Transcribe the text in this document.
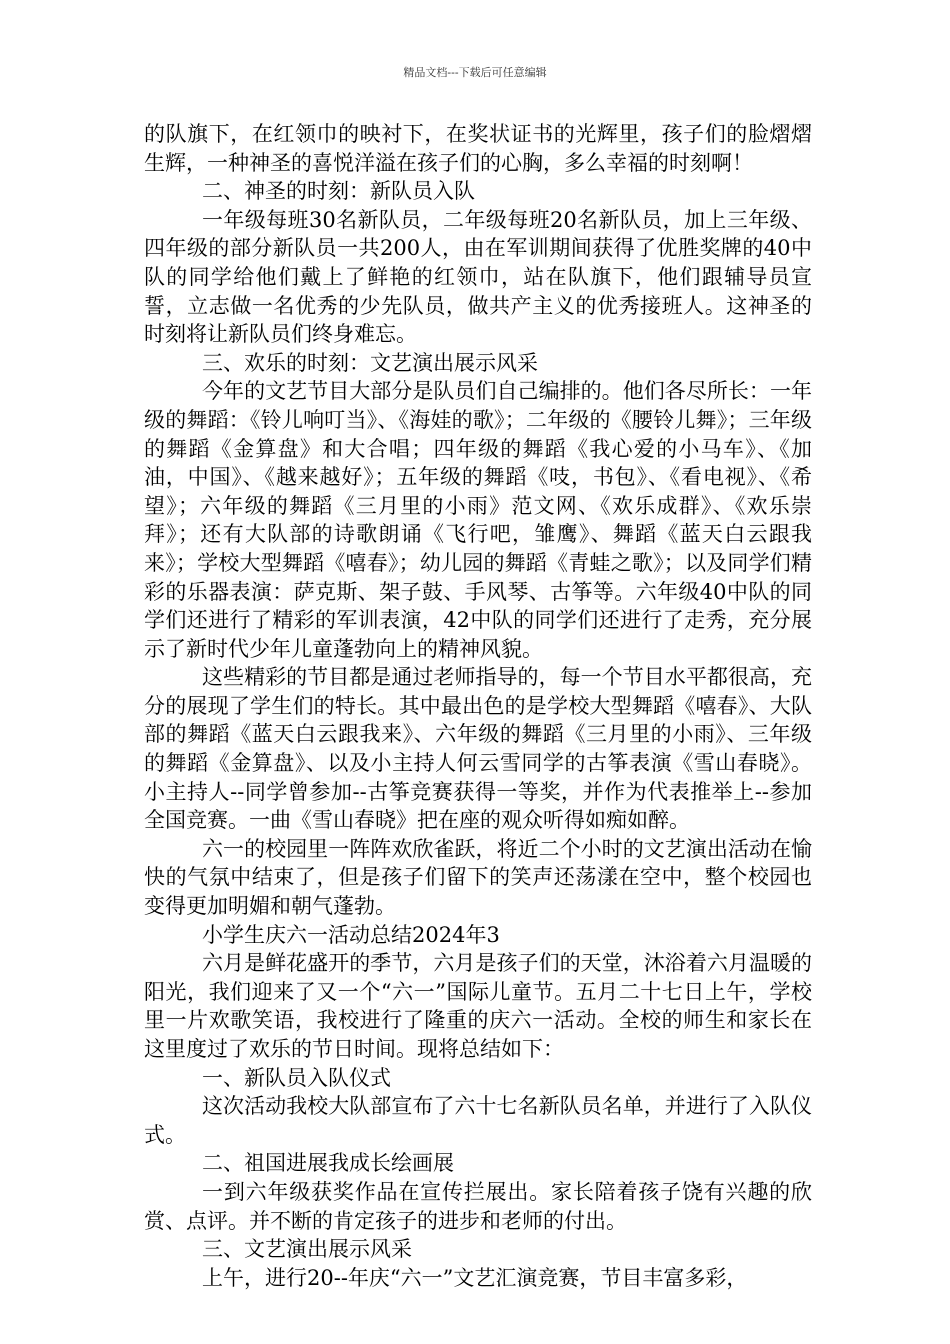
精品文档---下载后可任意编辑

的队旗下，在红领巾的映衬下，在奖状证书的光辉里，孩子们的脸熠熠生辉，一种神圣的喜悦洋溢在孩子们的心胸，多么幸福的时刻啊！

二、神圣的时刻：新队员入队

一年级每班30名新队员，二年级每班20名新队员，加上三年级、四年级的部分新队员一共200人，由在军训期间获得了优胜奖牌的40中队的同学给他们戴上了鲜艳的红领巾，站在队旗下，他们跟辅导员宣誓，立志做一名优秀的少先队员，做共产主义的优秀接班人。这神圣的时刻将让新队员们终身难忘。

三、欢乐的时刻：文艺演出展示风采

今年的文艺节目大部分是队员们自己编排的。他们各尽所长：一年级的舞蹈：《铃儿响叮当》、《海娃的歌》；二年级的《腰铃儿舞》；三年级的舞蹈《金算盘》和大合唱；四年级的舞蹈《我心爱的小马车》、《加油，中国》、《越来越好》；五年级的舞蹈《吱，书包》、《看电视》、《希望》；六年级的舞蹈《三月里的小雨》范文网、《欢乐成群》、《欢乐崇拜》；还有大队部的诗歌朗诵《飞行吧，雏鹰》、舞蹈《蓝天白云跟我来》；学校大型舞蹈《嘻春》；幼儿园的舞蹈《青蛙之歌》；以及同学们精彩的乐器表演：萨克斯、架子鼓、手风琴、古筝等。六年级40中队的同学们还进行了精彩的军训表演，42中队的同学们还进行了走秀，充分展示了新时代少年儿童蓬勃向上的精神风貌。

这些精彩的节目都是通过老师指导的，每一个节目水平都很高，充分的展现了学生们的特长。其中最出色的是学校大型舞蹈《嘻春》、大队部的舞蹈《蓝天白云跟我来》、六年级的舞蹈《三月里的小雨》、三年级的舞蹈《金算盘》、以及小主持人何云雪同学的古筝表演《雪山春晓》。小主持人--同学曾参加--古筝竞赛获得一等奖，并作为代表推举上--参加全国竞赛。一曲《雪山春晓》把在座的观众听得如痴如醉。

六一的校园里一阵阵欢欣雀跃，将近二个小时的文艺演出活动在愉快的气氛中结束了，但是孩子们留下的笑声还荡漾在空中，整个校园也变得更加明媚和朝气蓬勃。

小学生庆六一活动总结2024年3

六月是鲜花盛开的季节，六月是孩子们的天堂，沐浴着六月温暖的阳光，我们迎来了又一个“六一”国际儿童节。五月二十七日上午，学校里一片欢歌笑语，我校进行了隆重的庆六一活动。全校的师生和家长在这里度过了欢乐的节日时间。现将总结如下：

一、新队员入队仪式

这次活动我校大队部宣布了六十七名新队员名单，并进行了入队仪式。

二、祖国进展我成长绘画展

一到六年级获奖作品在宣传拦展出。家长陪着孩子饶有兴趣的欣赏、点评。并不断的肯定孩子的进步和老师的付出。

三、文艺演出展示风采

上午，进行20--年庆“六一”文艺汇演竞赛，节目丰富多彩，
